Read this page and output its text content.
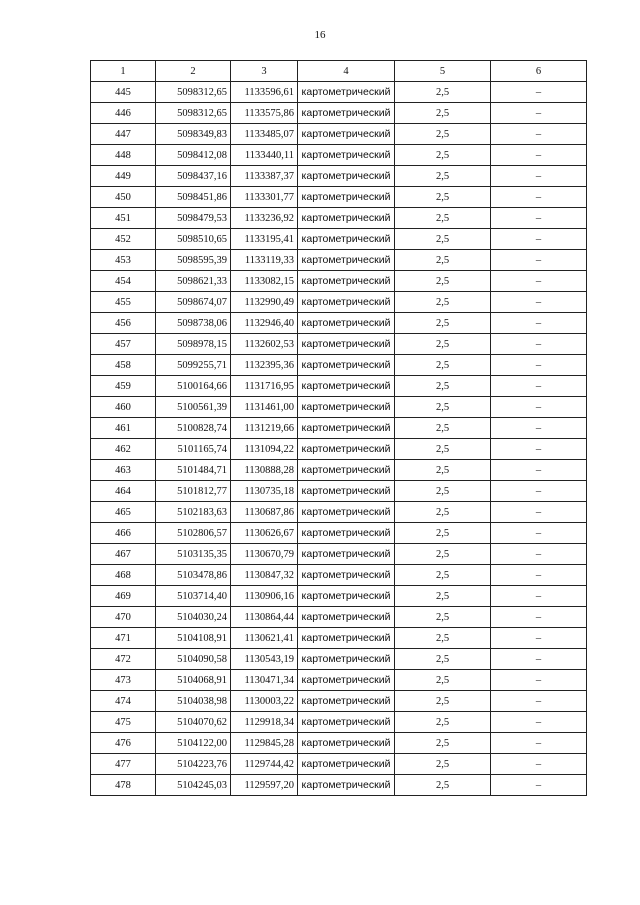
16
1	2	3	4	5	6
445	5098312,65	1133596,61	картометрический	2,5	–
446	5098312,65	1133575,86	картометрический	2,5	–
447	5098349,83	1133485,07	картометрический	2,5	–
448	5098412,08	1133440,11	картометрический	2,5	–
449	5098437,16	1133387,37	картометрический	2,5	–
450	5098451,86	1133301,77	картометрический	2,5	–
451	5098479,53	1133236,92	картометрический	2,5	–
452	5098510,65	1133195,41	картометрический	2,5	–
453	5098595,39	1133119,33	картометрический	2,5	–
454	5098621,33	1133082,15	картометрический	2,5	–
455	5098674,07	1132990,49	картометрический	2,5	–
456	5098738,06	1132946,40	картометрический	2,5	–
457	5098978,15	1132602,53	картометрический	2,5	–
458	5099255,71	1132395,36	картометрический	2,5	–
459	5100164,66	1131716,95	картометрический	2,5	–
460	5100561,39	1131461,00	картометрический	2,5	–
461	5100828,74	1131219,66	картометрический	2,5	–
462	5101165,74	1131094,22	картометрический	2,5	–
463	5101484,71	1130888,28	картометрический	2,5	–
464	5101812,77	1130735,18	картометрический	2,5	–
465	5102183,63	1130687,86	картометрический	2,5	–
466	5102806,57	1130626,67	картометрический	2,5	–
467	5103135,35	1130670,79	картометрический	2,5	–
468	5103478,86	1130847,32	картометрический	2,5	–
469	5103714,40	1130906,16	картометрический	2,5	–
470	5104030,24	1130864,44	картометрический	2,5	–
471	5104108,91	1130621,41	картометрический	2,5	–
472	5104090,58	1130543,19	картометрический	2,5	–
473	5104068,91	1130471,34	картометрический	2,5	–
474	5104038,98	1130003,22	картометрический	2,5	–
475	5104070,62	1129918,34	картометрический	2,5	–
476	5104122,00	1129845,28	картометрический	2,5	–
477	5104223,76	1129744,42	картометрический	2,5	–
478	5104245,03	1129597,20	картометрический	2,5	–
